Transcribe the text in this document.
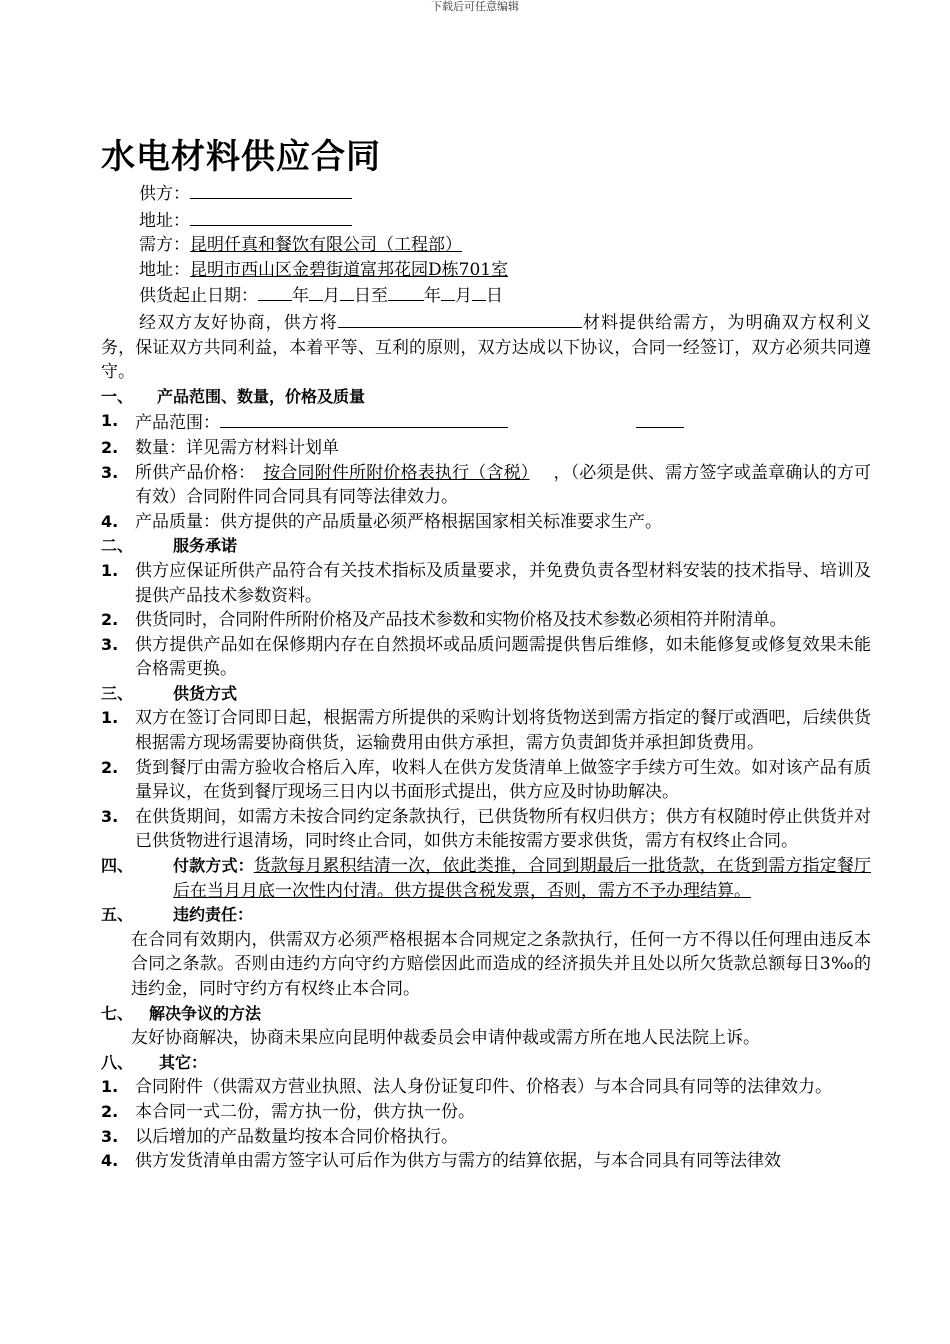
下载后可任意编辑
水电材料供应合同
供方：
地址：
需方：昆明仟真和餐饮有限公司（工程部）
地址：昆明市西山区金碧街道富邦花园D栋701室
供货起止日期： 年 月 日至 年 月 日
经双方友好协商，供方将	材料提供给需方，为明确双方权利义务，保证双方共同利益，本着平等、互利的原则，双方达成以下协议，合同一经签订，双方必须共同遵守。
一、	产品范围、数量，价格及质量
1. 产品范围：
2. 数量：详见需方材料计划单
3. 所供产品价格： 按合同附件所附价格表执行（含税） ，（必须是供、需方签字或盖章确认的方可有效）合同附件同合同具有同等法律效力。
4. 产品质量：供方提供的产品质量必须严格根据国家相关标准要求生产。
二、	服务承诺
1. 供方应保证所供产品符合有关技术指标及质量要求，并免费负责各型材料安装的技术指导、培训及提供产品技术参数资料。
2. 供货同时，合同附件所附价格及产品技术参数和实物价格及技术参数必须相符并附清单。
3. 供方提供产品如在保修期内存在自然损坏或品质问题需提供售后维修，如未能修复或修复效果未能合格需更换。
三、	供货方式
1. 双方在签订合同即日起，根据需方所提供的采购计划将货物送到需方指定的餐厅或酒吧，后续供货根据需方现场需要协商供货，运输费用由供方承担，需方负责卸货并承担卸货费用。
2. 货到餐厅由需方验收合格后入库，收料人在供方发货清单上做签字手续方可生效。如对该产品有质量异议，在货到餐厅现场三日内以书面形式提出，供方应及时协助解决。
3. 在供货期间，如需方未按合同约定条款执行，已供货物所有权归供方；供方有权随时停止供货并对已供货物进行退清场，同时终止合同，如供方未能按需方要求供货，需方有权终止合同。
四、	付款方式：货款每月累积结清一次，依此类推，合同到期最后一批货款，在货到需方指定餐厅后在当月月底一次性内付清。供方提供含税发票，否则，需方不予办理结算。
五、	违约责任：
在合同有效期内，供需双方必须严格根据本合同规定之条款执行，任何一方不得以任何理由违反本合同之条款。否则由违约方向守约方赔偿因此而造成的经济损失并且处以所欠货款总额每日3‰的违约金，同时守约方有权终止本合同。
七、 解决争议的方法
友好协商解决，协商未果应向昆明仲裁委员会申请仲裁或需方所在地人民法院上诉。
八、	其它：
1. 合同附件（供需双方营业执照、法人身份证复印件、价格表）与本合同具有同等的法律效力。
2. 本合同一式二份，需方执一份，供方执一份。
3. 以后增加的产品数量均按本合同价格执行。
4. 供方发货清单由需方签字认可后作为供方与需方的结算依据，与本合同具有同等法律效
